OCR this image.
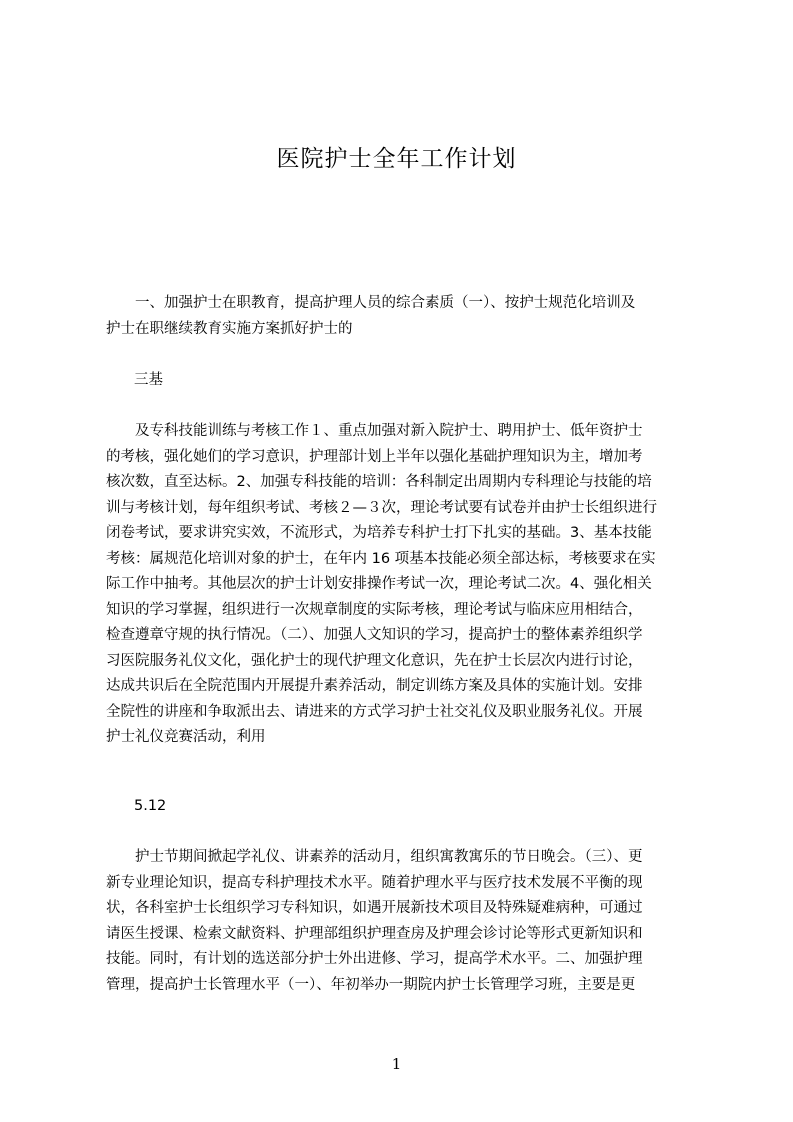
医院护士全年工作计划
　　一、加强护士在职教育，提高护理人员的综合素质（一）、按护士规范化培训及
护士在职继续教育实施方案抓好护士的
三基
　　及专科技能训练与考核工作１、重点加强对新入院护士、聘用护士、低年资护士
的考核，强化她们的学习意识，护理部计划上半年以强化基础护理知识为主，增加考
核次数，直至达标。2、加强专科技能的培训：各科制定出周期内专科理论与技能的培
训与考核计划，每年组织考试、考核２—３次，理论考试要有试卷并由护士长组织进行
闭卷考试，要求讲究实效，不流形式，为培养专科护士打下扎实的基础。3、基本技能
考核：属规范化培训对象的护士，在年内 16 项基本技能必须全部达标，考核要求在实
际工作中抽考。其他层次的护士计划安排操作考试一次，理论考试二次。4、强化相关
知识的学习掌握，组织进行一次规章制度的实际考核，理论考试与临床应用相结合，
检查遵章守规的执行情况。（二）、加强人文知识的学习，提高护士的整体素养组织学
习医院服务礼仪文化，强化护士的现代护理文化意识，先在护士长层次内进行讨论，
达成共识后在全院范围内开展提升素养活动，制定训练方案及具体的实施计划。安排
全院性的讲座和争取派出去、请进来的方式学习护士社交礼仪及职业服务礼仪。开展
护士礼仪竞赛活动，利用
5.12
　　护士节期间掀起学礼仪、讲素养的活动月，组织寓教寓乐的节日晚会。（三）、更
新专业理论知识，提高专科护理技术水平。随着护理水平与医疗技术发展不平衡的现
状，各科室护士长组织学习专科知识，如遇开展新技术项目及特殊疑难病种，可通过
请医生授课、检索文献资料、护理部组织护理查房及护理会诊讨论等形式更新知识和
技能。同时，有计划的选送部分护士外出进修、学习，提高学术水平。二、加强护理
管理，提高护士长管理水平（一）、年初举办一期院内护士长管理学习班，主要是更
1
